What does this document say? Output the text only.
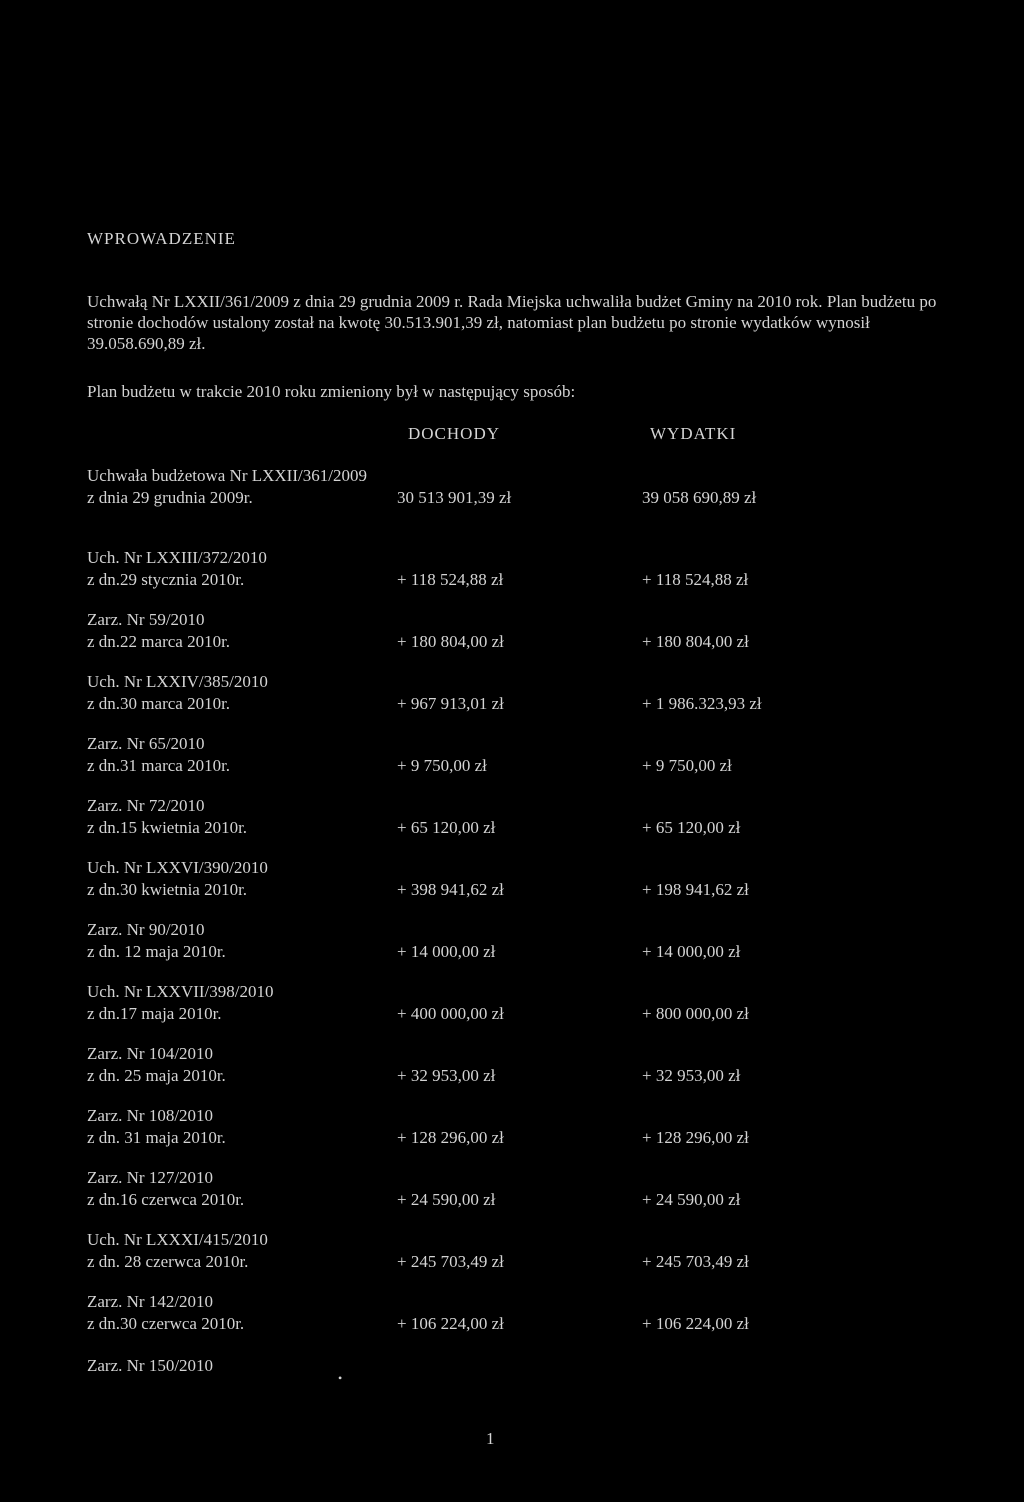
WPROWADZENIE
Uchwałą Nr LXXII/361/2009 z dnia 29 grudnia 2009 r. Rada Miejska uchwaliła budżet Gminy na 2010 rok. Plan budżetu po stronie dochodów ustalony został na kwotę 30.513.901,39 zł, natomiast plan budżetu po stronie wydatków wynosił 39.058.690,89 zł.
Plan budżetu w trakcie 2010 roku zmieniony był w następujący sposób:
DOCHODY	WYDATKI
Uchwała budżetowa Nr LXXII/361/2009
z dnia 29 grudnia 2009r.	30 513 901,39 zł	39 058 690,89 zł
Uch. Nr LXXIII/372/2010
z dn.29 stycznia 2010r.	+ 118 524,88 zł	+ 118 524,88 zł
Zarz. Nr 59/2010
z dn.22 marca 2010r.	+ 180 804,00 zł	+ 180 804,00 zł
Uch. Nr LXXIV/385/2010
z dn.30 marca 2010r.	+ 967 913,01 zł	+ 1 986.323,93 zł
Zarz. Nr 65/2010
z dn.31 marca 2010r.	+ 9 750,00 zł	+ 9 750,00 zł
Zarz. Nr 72/2010
z dn.15 kwietnia 2010r.	+ 65 120,00 zł	+ 65 120,00 zł
Uch. Nr LXXVI/390/2010
z dn.30 kwietnia 2010r.	+ 398 941,62 zł	+ 198 941,62 zł
Zarz. Nr 90/2010
z dn. 12 maja 2010r.	+ 14 000,00 zł	+ 14 000,00 zł
Uch. Nr LXXVII/398/2010
z dn.17 maja 2010r.	+ 400 000,00 zł	+ 800 000,00 zł
Zarz. Nr 104/2010
z dn. 25 maja 2010r.	+ 32 953,00 zł	+ 32 953,00 zł
Zarz. Nr 108/2010
z dn. 31 maja 2010r.	+ 128 296,00 zł	+ 128 296,00 zł
Zarz. Nr 127/2010
z dn.16 czerwca 2010r.	+ 24 590,00 zł	+ 24 590,00 zł
Uch. Nr LXXXI/415/2010
z dn. 28 czerwca 2010r.	+ 245 703,49 zł	+ 245 703,49 zł
Zarz. Nr 142/2010
z dn.30 czerwca 2010r.	+ 106 224,00 zł	+ 106 224,00 zł
Zarz. Nr 150/2010
•
1
